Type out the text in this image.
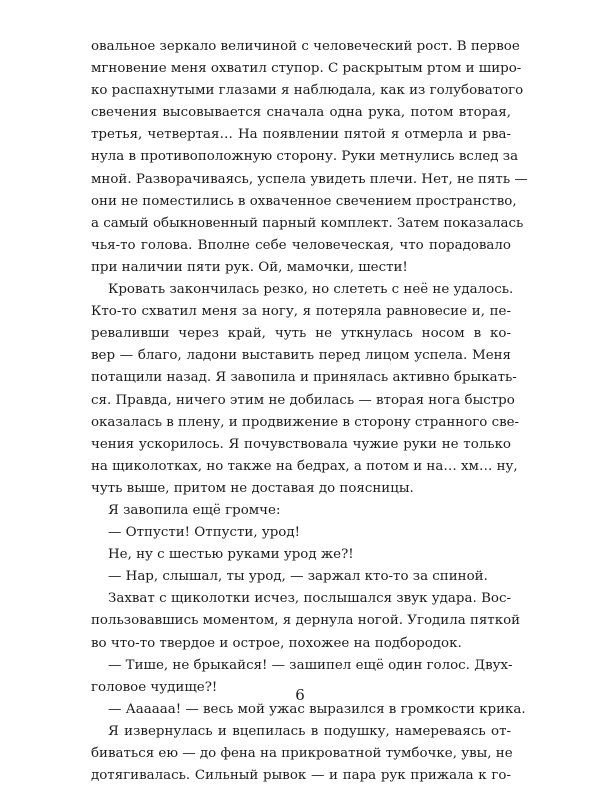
овальное зеркало величиной с человеческий рост. В первое
мгновение меня охватил ступор. С раскрытым ртом и широ-
ко распахнутыми глазами я наблюдала, как из голубоватого
свечения высовывается сначала одна рука, потом вторая,
третья, четвертая… На появлении пятой я отмерла и рва-
нула в противоположную сторону. Руки метнулись вслед за
мной. Разворачиваясь, успела увидеть плечи. Нет, не пять —
они не поместились в охваченное свечением пространство,
а самый обыкновенный парный комплект. Затем показалась
чья-то голова. Вполне себе человеческая, что порадовало
при наличии пяти рук. Ой, мамочки, шести!
Кровать закончилась резко, но слететь с неё не удалось.
Кто-то схватил меня за ногу, я потеряла равновесие и, пе-
реваливши через край, чуть не уткнулась носом в ко-
вер — благо, ладони выставить перед лицом успела. Меня
потащили назад. Я завопила и принялась активно брыкать-
ся. Правда, ничего этим не добилась — вторая нога быстро
оказалась в плену, и продвижение в сторону странного све-
чения ускорилось. Я почувствовала чужие руки не только
на щиколотках, но также на бедрах, а потом и на… хм… ну,
чуть выше, притом не доставая до поясницы.
Я завопила ещё громче:
— Отпусти! Отпусти, урод!
Не, ну с шестью руками урод же?!
— Нар, слышал, ты урод, — заржал кто-то за спиной.
Захват с щиколотки исчез, послышался звук удара. Вос-
пользовавшись моментом, я дернула ногой. Угодила пяткой
во что-то твердое и острое, похожее на подбородок.
— Тише, не брыкайся! — зашипел ещё один голос. Двух-
головое чудище?!
— Аааааа! — весь мой ужас выразился в громкости крика.
Я извернулась и вцепилась в подушку, намереваясь от-
биваться ею — до фена на прикроватной тумбочке, увы, не
дотягивалась. Сильный рывок — и пара рук прижала к го-
6
